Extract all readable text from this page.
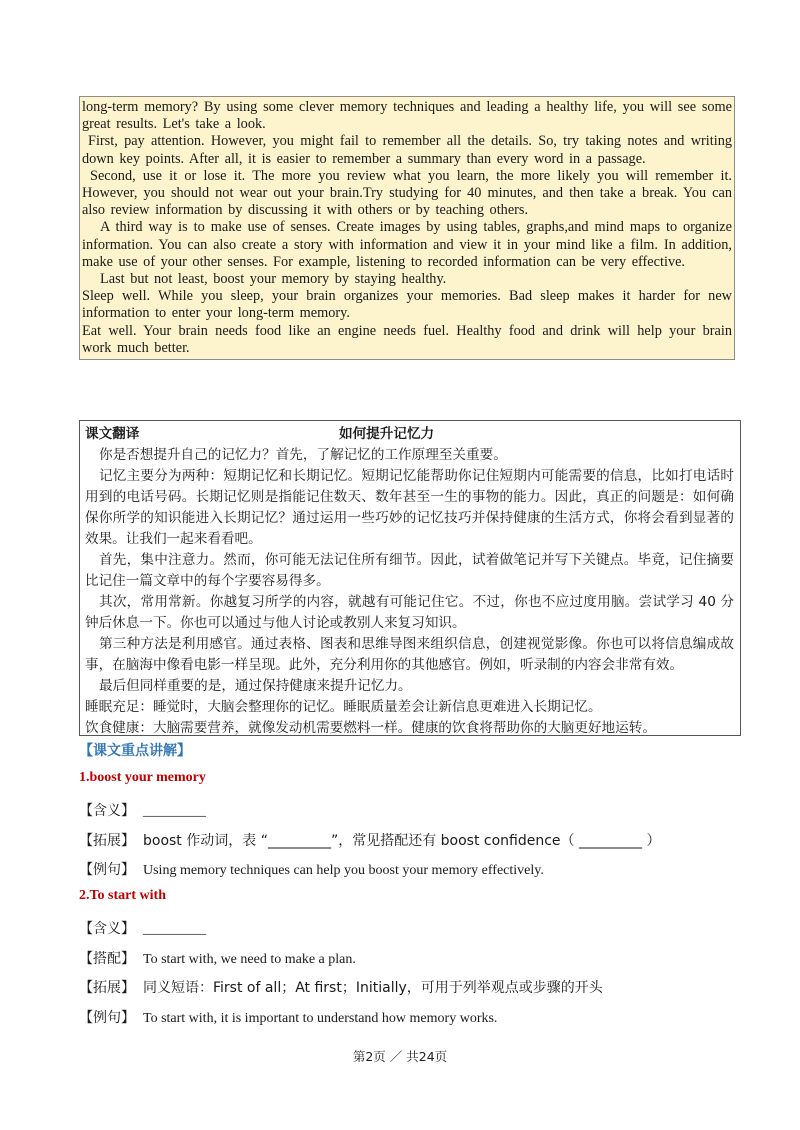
long-term memory? By using some clever memory techniques and leading a healthy life, you will see some great results. Let's take a look.

First, pay attention. However, you might fail to remember all the details. So, try taking notes and writing down key points. After all, it is easier to remember a summary than every word in a passage.

Second, use it or lose it. The more you review what you learn, the more likely you will remember it. However, you should not wear out your brain.Try studying for 40 minutes, and then take a break. You can also review information by discussing it with others or by teaching others.

A third way is to make use of senses. Create images by using tables, graphs,and mind maps to organize information. You can also create a story with information and view it in your mind like a film. In addition, make use of your other senses. For example, listening to recorded information can be very effective.

Last but not least, boost your memory by staying healthy.

Sleep well. While you sleep, your brain organizes your memories. Bad sleep makes it harder for new information to enter your long-term memory.

Eat well. Your brain needs food like an engine needs fuel. Healthy food and drink will help your brain work much better.

课文翻译	如何提升记忆力

你是否想提升自己的记忆力？首先，了解记忆的工作原理至关重要。

记忆主要分为两种：短期记忆和长期记忆。短期记忆能帮助你记住短期内可能需要的信息，比如打电话时用到的电话号码。长期记忆则是指能记住数天、数年甚至一生的事物的能力。因此，真正的问题是：如何确保你所学的知识能进入长期记忆？通过运用一些巧妙的记忆技巧并保持健康的生活方式，你将会看到显著的效果。让我们一起来看看吧。

首先，集中注意力。然而，你可能无法记住所有细节。因此，试着做笔记并写下关键点。毕竟，记住摘要比记住一篇文章中的每个字要容易得多。

其次，常用常新。你越复习所学的内容，就越有可能记住它。不过，你也不应过度用脑。尝试学习 40 分钟后休息一下。你也可以通过与他人讨论或教别人来复习知识。

第三种方法是利用感官。通过表格、图表和思维导图来组织信息，创建视觉影像。你也可以将信息编成故事，在脑海中像看电影一样呈现。此外，充分利用你的其他感官。例如，听录制的内容会非常有效。

最后但同样重要的是，通过保持健康来提升记忆力。

睡眠充足：睡觉时，大脑会整理你的记忆。睡眠质量差会让新信息更难进入长期记忆。

饮食健康：大脑需要营养，就像发动机需要燃料一样。健康的饮食将帮助你的大脑更好地运转。

【课文重点讲解】
1.boost your memory
【含义】 _________
【拓展】 boost 作动词，表 “_________”，常见搭配还有 boost confidence（ _________ ）
【例句】 Using memory techniques can help you boost your memory effectively.
2.To start with
【含义】 _________
【搭配】 To start with, we need to make a plan.
【拓展】 同义短语：First of all；At first；Initially，可用于列举观点或步骤的开头
【例句】 To start with, it is important to understand how memory works.
第2页 ／ 共24页
